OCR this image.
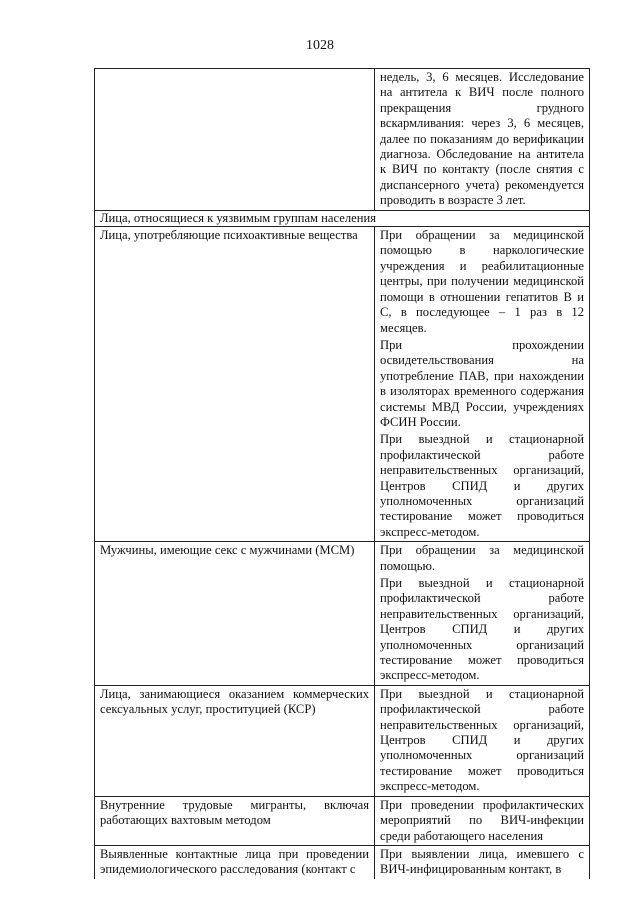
1028

	недель, 3, 6 месяцев. Исследование на антитела к ВИЧ после полного прекращения грудного вскармливания: через 3, 6 месяцев, далее по показаниям до верификации диагноза. Обследование на антитела к ВИЧ по контакту (после снятия с диспансерного учета) рекомендуется проводить в возрасте 3 лет.

Лица, относящиеся к уязвимым группам населения	
Лица, употребляющие психоактивные вещества	При обращении за медицинской помощью в наркологические учреждения и реабилитационные центры, при получении медицинской помощи в отношении гепатитов В и С, в последующее – 1 раз в 12 месяцев.
При прохождении освидетельствования на употребление ПАВ, при нахождении в изоляторах временного содержания системы МВД России, учреждениях ФСИН России.
При выездной и стационарной профилактической работе неправительственных организаций, Центров СПИД и других уполномоченных организаций тестирование может проводиться экспресс-методом.

Мужчины, имеющие секс с мужчинами (МСМ)	При обращении за медицинской помощью.
При выездной и стационарной профилактической работе неправительственных организаций, Центров СПИД и других уполномоченных организаций тестирование может проводиться экспресс-методом.

Лица, занимающиеся оказанием коммерческих сексуальных услуг, проституцией (КСР)	При выездной и стационарной профилактической работе неправительственных организаций, Центров СПИД и других уполномоченных организаций тестирование может проводиться экспресс-методом.

Внутренние трудовые мигранты, включая работающих вахтовым методом	При проведении профилактических мероприятий по ВИЧ-инфекции среди работающего населения

Выявленные контактные лица при проведении эпидемиологического расследования (контакт с	При выявлении лица, имевшего с ВИЧ-инфицированным контакт, в
